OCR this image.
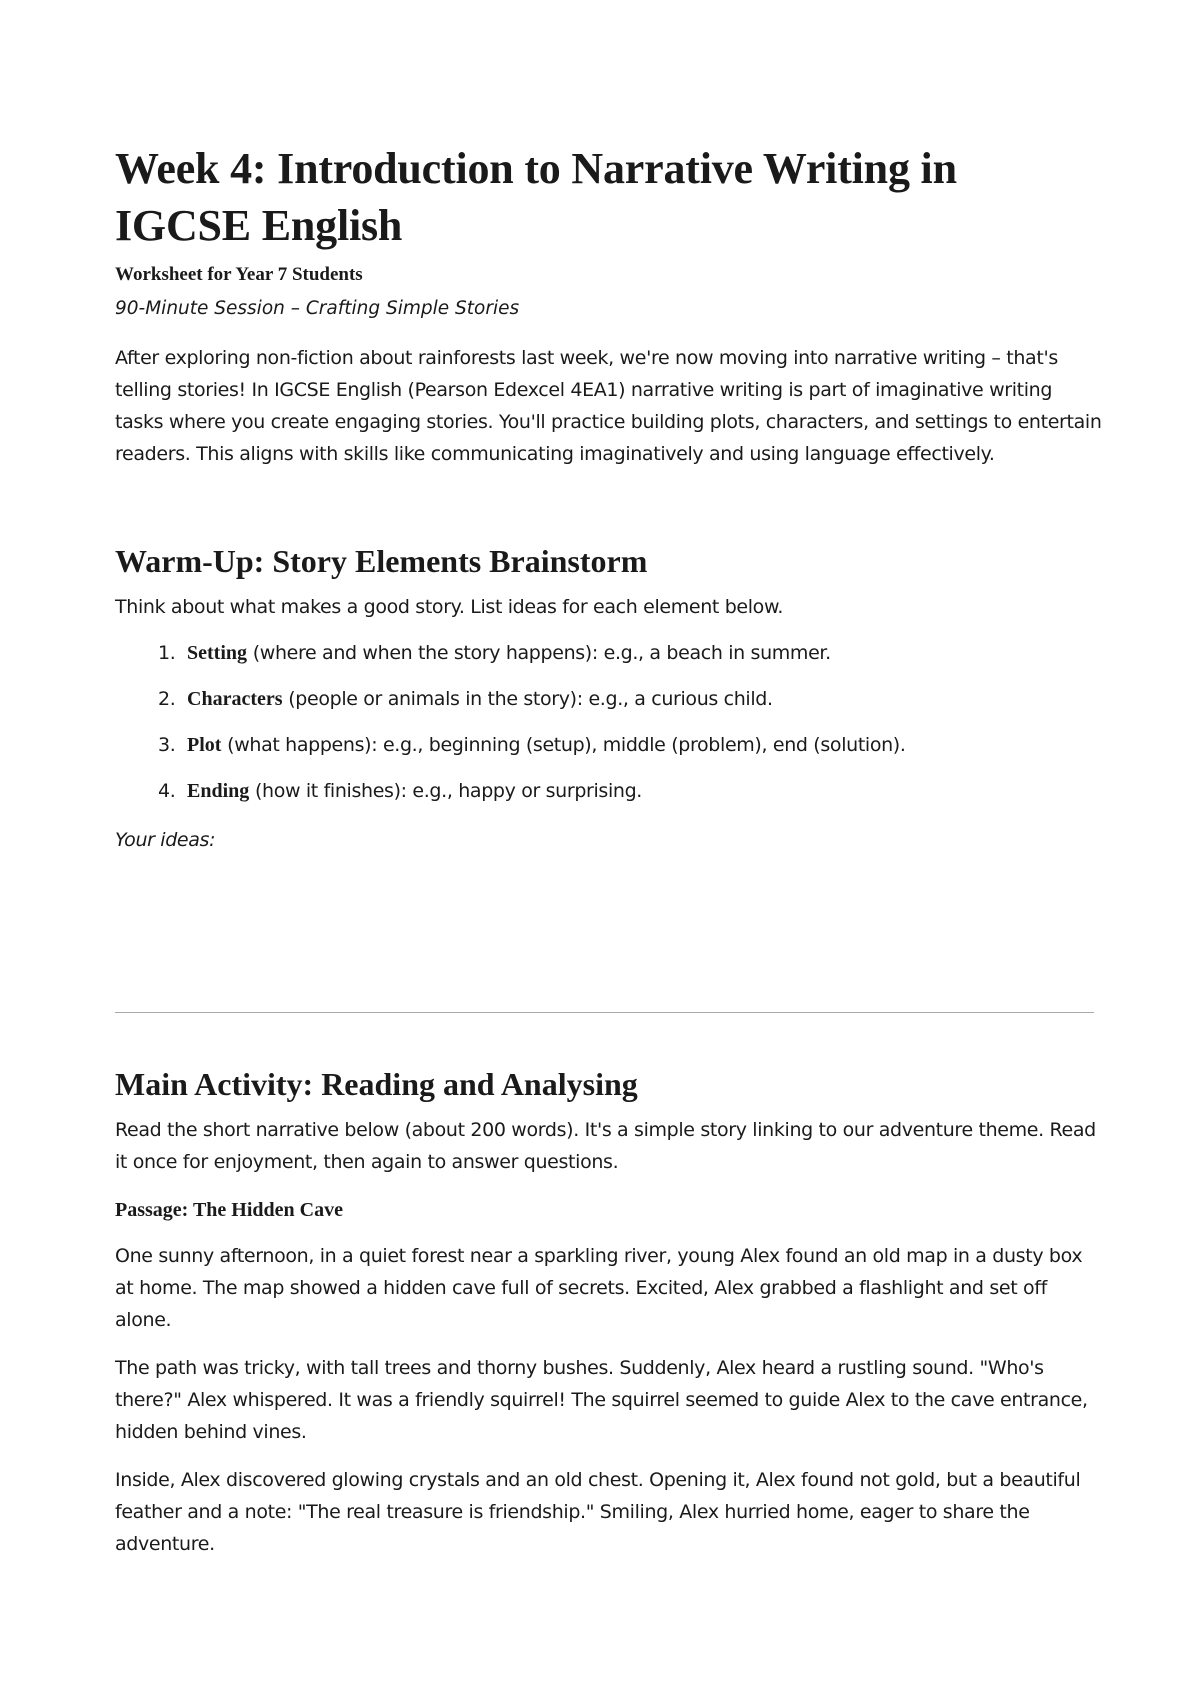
Week 4: Introduction to Narrative Writing in IGCSE English

Worksheet for Year 7 Students

90-Minute Session – Crafting Simple Stories

After exploring non-fiction about rainforests last week, we're now moving into narrative writing – that's telling stories! In IGCSE English (Pearson Edexcel 4EA1) narrative writing is part of imaginative writing tasks where you create engaging stories. You'll practice building plots, characters, and settings to entertain readers. This aligns with skills like communicating imaginatively and using language effectively.

Warm-Up: Story Elements Brainstorm

Think about what makes a good story. List ideas for each element below.

1. Setting (where and when the story happens): e.g., a beach in summer.
2. Characters (people or animals in the story): e.g., a curious child.
3. Plot (what happens): e.g., beginning (setup), middle (problem), end (solution).
4. Ending (how it finishes): e.g., happy or surprising.

Your ideas:

Main Activity: Reading and Analysing

Read the short narrative below (about 200 words). It's a simple story linking to our adventure theme. Read it once for enjoyment, then again to answer questions.

Passage: The Hidden Cave

One sunny afternoon, in a quiet forest near a sparkling river, young Alex found an old map in a dusty box at home. The map showed a hidden cave full of secrets. Excited, Alex grabbed a flashlight and set off alone.

The path was tricky, with tall trees and thorny bushes. Suddenly, Alex heard a rustling sound. "Who's there?" Alex whispered. It was a friendly squirrel! The squirrel seemed to guide Alex to the cave entrance, hidden behind vines.

Inside, Alex discovered glowing crystals and an old chest. Opening it, Alex found not gold, but a beautiful feather and a note: "The real treasure is friendship." Smiling, Alex hurried home, eager to share the adventure.
